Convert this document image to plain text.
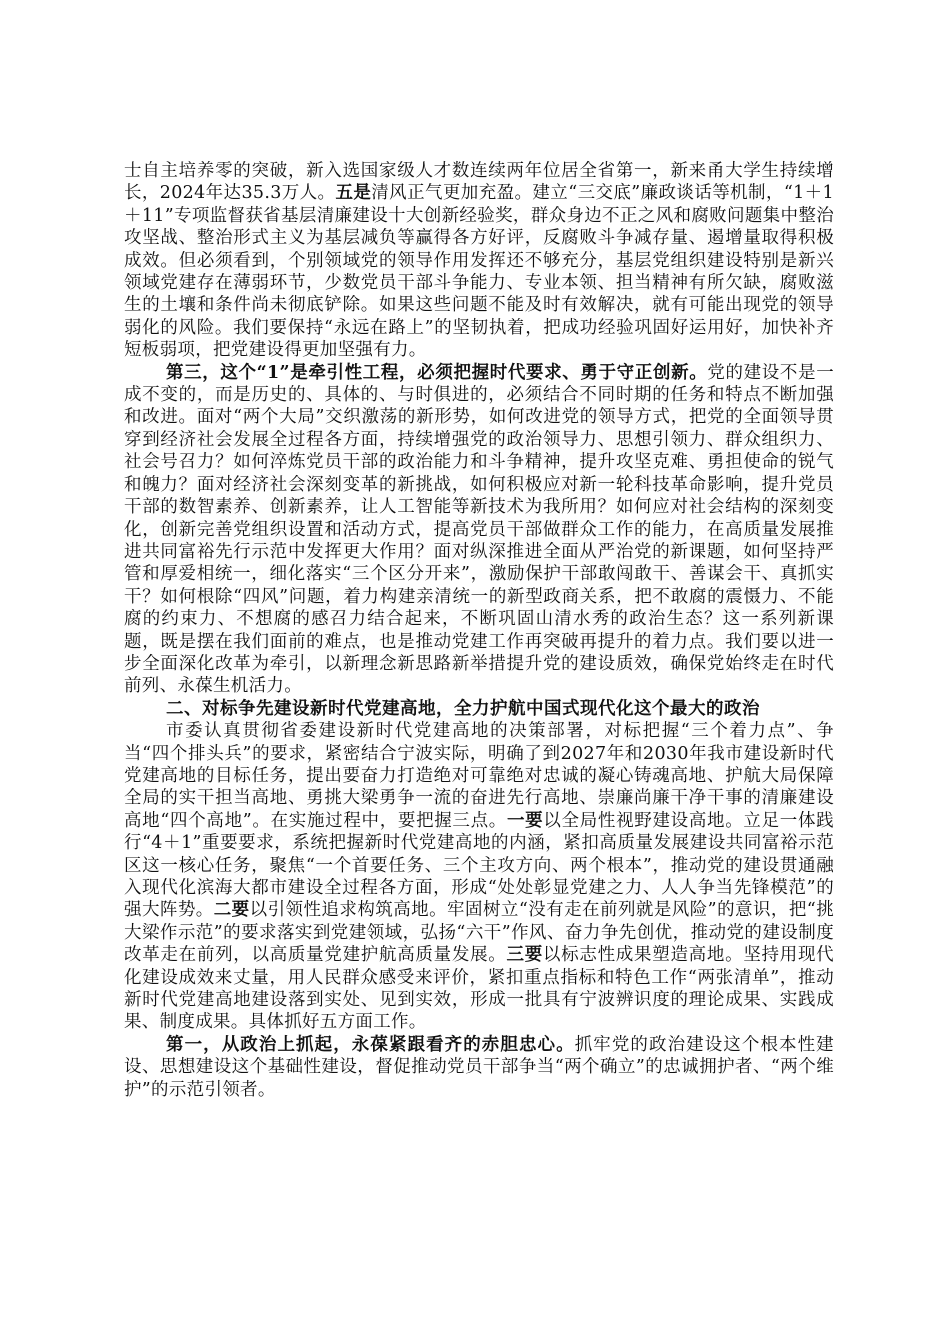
士自主培养零的突破，新入选国家级人才数连续两年位居全省第一，新来甬大学生持续增长，2024年达35.3万人。五是清风正气更加充盈。建立“三交底”廉政谈话等机制，“1＋1＋11”专项监督获省基层清廉建设十大创新经验奖，群众身边不正之风和腐败问题集中整治攻坚战、整治形式主义为基层减负等赢得各方好评，反腐败斗争减存量、遏增量取得积极成效。但必须看到，个别领域党的领导作用发挥还不够充分，基层党组织建设特别是新兴领域党建存在薄弱环节，少数党员干部斗争能力、专业本领、担当精神有所欠缺，腐败滋生的土壤和条件尚未彻底铲除。如果这些问题不能及时有效解决，就有可能出现党的领导弱化的风险。我们要保持“永远在路上”的坚韧执着，把成功经验巩固好运用好，加快补齐短板弱项，把党建设得更加坚强有力。

第三，这个“1”是牵引性工程，必须把握时代要求、勇于守正创新。党的建设不是一成不变的，而是历史的、具体的、与时俱进的，必须结合不同时期的任务和特点不断加强和改进。面对“两个大局”交织激荡的新形势，如何改进党的领导方式，把党的全面领导贯穿到经济社会发展全过程各方面，持续增强党的政治领导力、思想引领力、群众组织力、社会号召力？如何淬炼党员干部的政治能力和斗争精神，提升攻坚克难、勇担使命的锐气和魄力？面对经济社会深刻变革的新挑战，如何积极应对新一轮科技革命影响，提升党员干部的数智素养、创新素养，让人工智能等新技术为我所用？如何应对社会结构的深刻变化，创新完善党组织设置和活动方式，提高党员干部做群众工作的能力，在高质量发展推进共同富裕先行示范中发挥更大作用？面对纵深推进全面从严治党的新课题，如何坚持严管和厚爱相统一，细化落实“三个区分开来”，激励保护干部敢闯敢干、善谋会干、真抓实干？如何根除“四风”问题，着力构建亲清统一的新型政商关系，把不敢腐的震慑力、不能腐的约束力、不想腐的感召力结合起来，不断巩固山清水秀的政治生态？这一系列新课题，既是摆在我们面前的难点，也是推动党建工作再突破再提升的着力点。我们要以进一步全面深化改革为牵引，以新理念新思路新举措提升党的建设质效，确保党始终走在时代前列、永葆生机活力。

二、对标争先建设新时代党建高地，全力护航中国式现代化这个最大的政治

市委认真贯彻省委建设新时代党建高地的决策部署，对标把握“三个着力点”、争当“四个排头兵”的要求，紧密结合宁波实际，明确了到2027年和2030年我市建设新时代党建高地的目标任务，提出要奋力打造绝对可靠绝对忠诚的凝心铸魂高地、护航大局保障全局的实干担当高地、勇挑大梁勇争一流的奋进先行高地、崇廉尚廉干净干事的清廉建设高地“四个高地”。在实施过程中，要把握三点。一要以全局性视野建设高地。立足一体践行“4＋1”重要要求，系统把握新时代党建高地的内涵，紧扣高质量发展建设共同富裕示范区这一核心任务，聚焦“一个首要任务、三个主攻方向、两个根本”，推动党的建设贯通融入现代化滨海大都市建设全过程各方面，形成“处处彰显党建之力、人人争当先锋模范”的强大阵势。二要以引领性追求构筑高地。牢固树立“没有走在前列就是风险”的意识，把“挑大梁作示范”的要求落实到党建领域，弘扬“六干”作风、奋力争先创优，推动党的建设制度改革走在前列，以高质量党建护航高质量发展。三要以标志性成果塑造高地。坚持用现代化建设成效来丈量，用人民群众感受来评价，紧扣重点指标和特色工作“两张清单”，推动新时代党建高地建设落到实处、见到实效，形成一批具有宁波辨识度的理论成果、实践成果、制度成果。具体抓好五方面工作。

第一，从政治上抓起，永葆紧跟看齐的赤胆忠心。抓牢党的政治建设这个根本性建设、思想建设这个基础性建设，督促推动党员干部争当“两个确立”的忠诚拥护者、“两个维护”的示范引领者。
